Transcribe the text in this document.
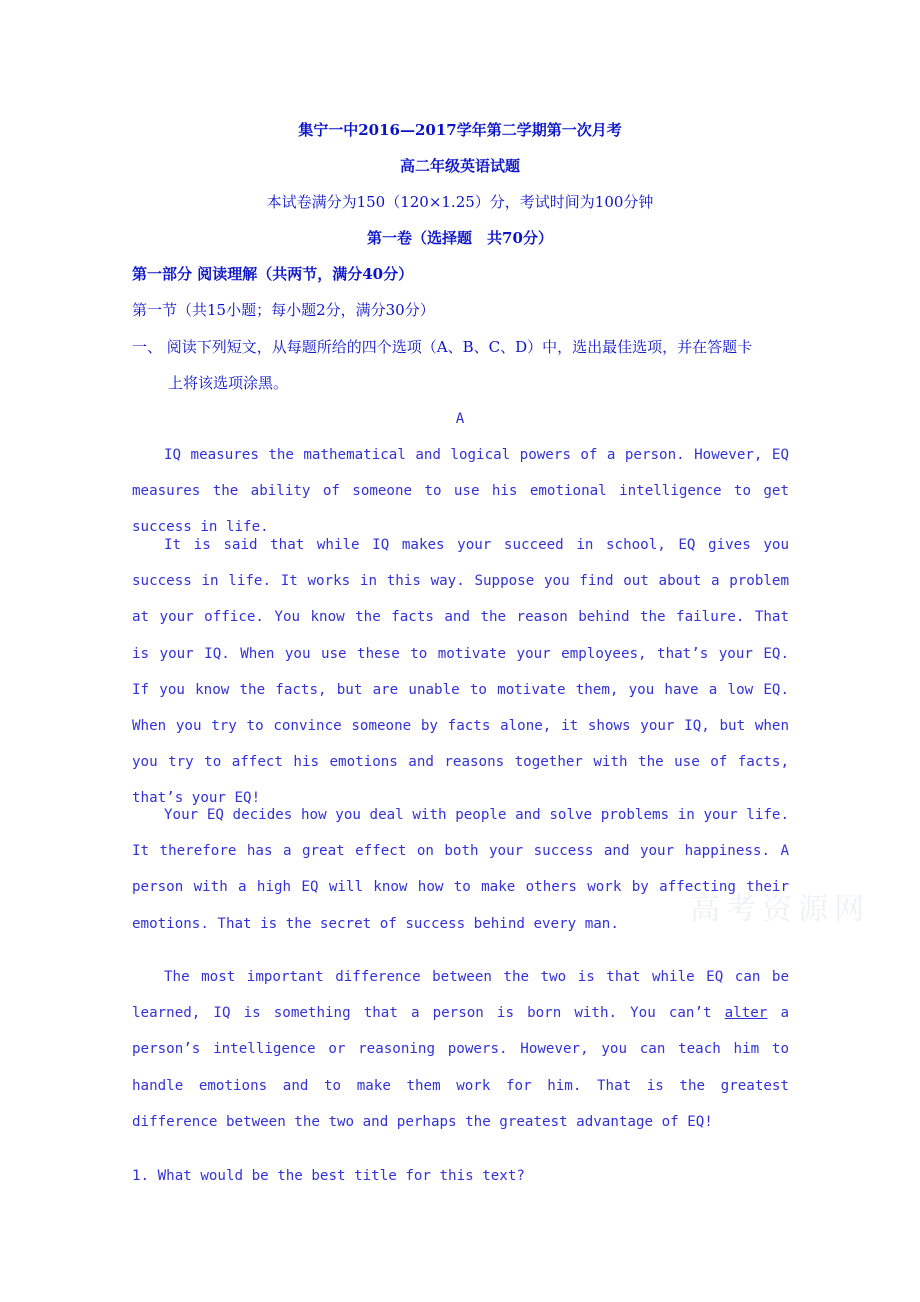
集宁一中2016—2017学年第二学期第一次月考
高二年级英语试题
本试卷满分为150（120×1.25）分，考试时间为100分钟
第一卷（选择题　共70分）
第一部分 阅读理解（共两节，满分40分）
第一节（共15小题；每小题2分，满分30分）
一、 阅读下列短文，从每题所给的四个选项（A、B、C、D）中，选出最佳选项，并在答题卡
上将该选项涂黑。
A
IQ measures the mathematical and logical powers of a person. However, EQ measures the ability of someone to use his emotional intelligence to get success in life.
It is said that while IQ makes your succeed in school, EQ gives you success in life. It works in this way. Suppose you find out about a problem at your office. You know the facts and the reason behind the failure. That is your IQ. When you use these to motivate your employees, that’s your EQ. If you know the facts, but are unable to motivate them, you have a low EQ. When you try to convince someone by facts alone, it shows your IQ, but when you try to affect his emotions and reasons together with the use of facts, that’s your EQ!
Your EQ decides how you deal with people and solve problems in your life. It therefore has a great effect on both your success and your happiness. A person with a high EQ will know how to make others work by affecting their emotions. That is the secret of success behind every man.
The most important difference between the two is that while EQ can be learned, IQ is something that a person is born with. You can’t alter a person’s intelligence or reasoning powers. However, you can teach him to handle emotions and to make them work for him. That is the greatest difference between the two and perhaps the greatest advantage of EQ!
1. What would be the best title for this text?
高考资源网
